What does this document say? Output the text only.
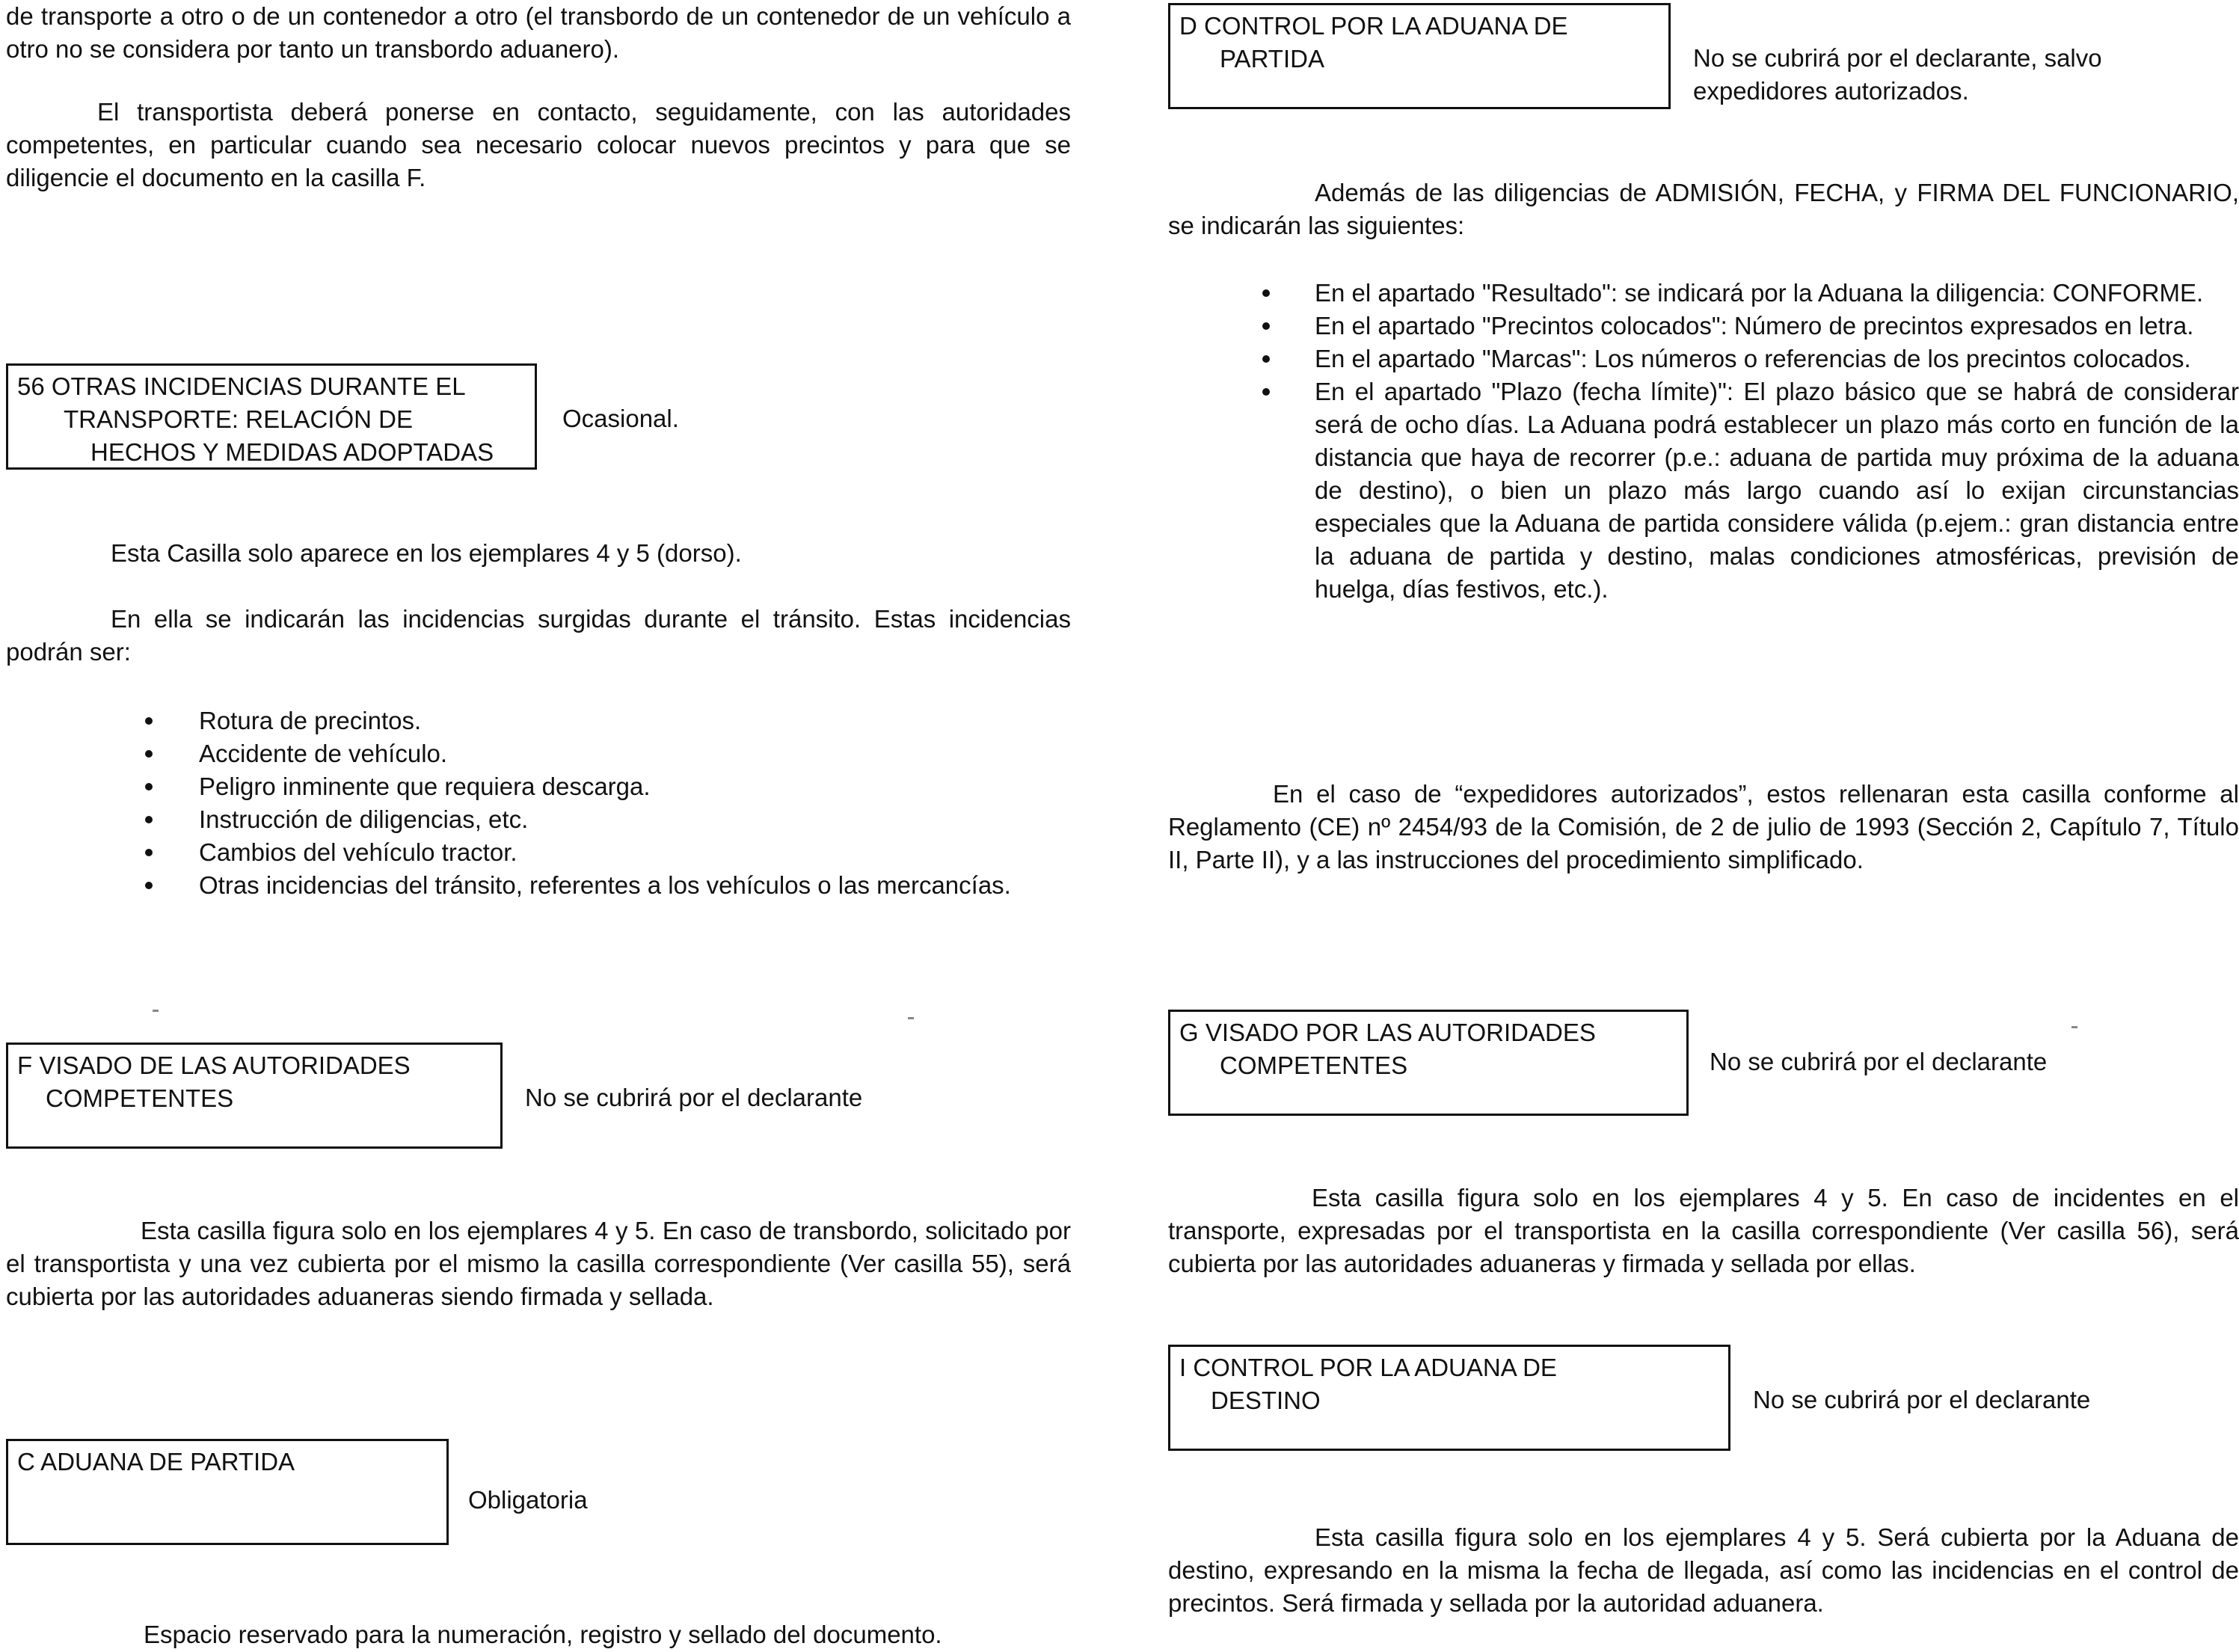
de transporte a otro o de un contenedor a otro (el transbordo de un contenedor de un vehículo a otro no se considera por tanto un transbordo aduanero).

El transportista deberá ponerse en contacto, seguidamente, con las autoridades competentes, en particular cuando sea necesario colocar nuevos precintos y para que se diligencie el documento en la casilla F.

56 OTRAS INCIDENCIAS DURANTE EL
TRANSPORTE: RELACIÓN DE
HECHOS Y MEDIDAS ADOPTADAS
Ocasional.

Esta Casilla solo aparece en los ejemplares 4 y 5 (dorso).

En ella se indicarán las incidencias surgidas durante el tránsito. Estas incidencias podrán ser:

Rotura de precintos.
Accidente de vehículo.
Peligro inminente que requiera descarga.
Instrucción de diligencias, etc.
Cambios del vehículo tractor.
Otras incidencias del tránsito, referentes a los vehículos o las mercancías.
F VISADO DE LAS AUTORIDADES
COMPETENTES	No se cubrirá por el declarante

Esta casilla figura solo en los ejemplares 4 y 5. En caso de transbordo, solicitado por el transportista y una vez cubierta por el mismo la casilla correspondiente (Ver casilla 55), será cubierta por las autoridades aduaneras siendo firmada y sellada.

C ADUANA DE PARTIDA
Obligatoria

Espacio reservado para la numeración, registro y sellado del documento.

D CONTROL POR LA ADUANA DE
PARTIDA	No se cubrirá por el declarante, salvo
expedidores autorizados.

Además de las diligencias de ADMISIÓN, FECHA, y FIRMA DEL FUNCIONARIO, se indicarán las siguientes:

En el apartado "Resultado": se indicará por la Aduana la diligencia: CONFORME.
En el apartado "Precintos colocados": Número de precintos expresados en letra.
En el apartado "Marcas": Los números o referencias de los precintos colocados.
En el apartado "Plazo (fecha límite)": El plazo básico que se habrá de considerar será de ocho días. La Aduana podrá establecer un plazo más corto en función de la distancia que haya de recorrer (p.e.: aduana de partida muy próxima de la aduana de destino), o bien un plazo más largo cuando así lo exijan circunstancias especiales que la Aduana de partida considere válida (p.ejem.: gran distancia entre la aduana de partida y destino, malas condiciones atmosféricas, previsión de huelga, días festivos, etc.).

En el caso de “expedidores autorizados”, estos rellenaran esta casilla conforme al Reglamento (CE) nº 2454/93 de la Comisión, de 2 de julio de 1993 (Sección 2, Capítulo 7, Título II, Parte II), y a las instrucciones del procedimiento simplificado.

G VISADO POR LAS AUTORIDADES
COMPETENTES	No se cubrirá por el declarante

Esta casilla figura solo en los ejemplares 4 y 5. En caso de incidentes en el transporte, expresadas por el transportista en la casilla correspondiente (Ver casilla 56), será cubierta por las autoridades aduaneras y firmada y sellada por ellas.

I CONTROL POR LA ADUANA DE
DESTINO	No se cubrirá por el declarante

Esta casilla figura solo en los ejemplares 4 y 5. Será cubierta por la Aduana de destino, expresando en la misma la fecha de llegada, así como las incidencias en el control de precintos. Será firmada y sellada por la autoridad aduanera.
